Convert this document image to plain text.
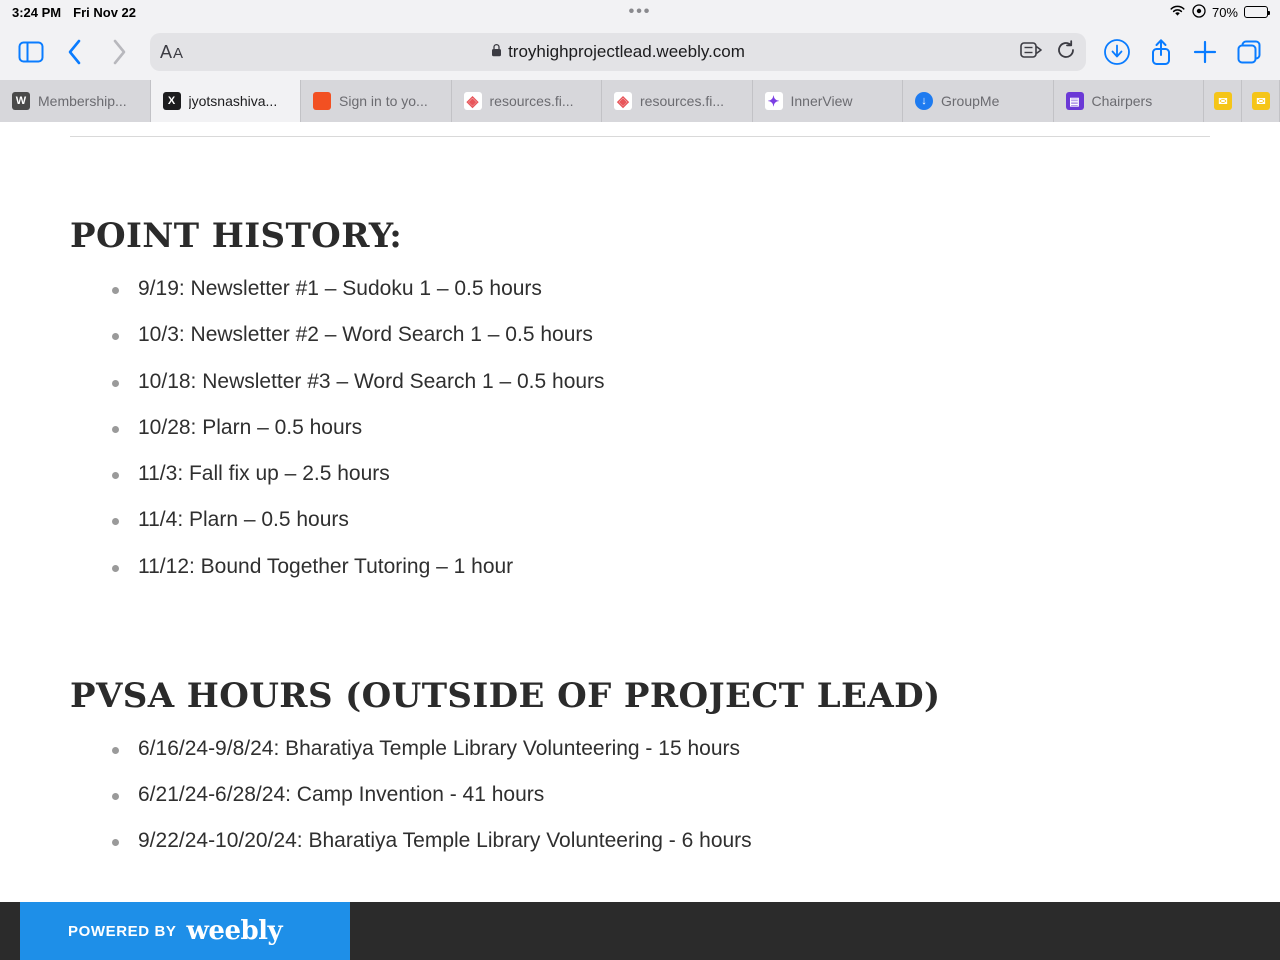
3:24 PM Fri Nov 22	•••	70%
A A	troyhighprojectlead.weebly.com
W Membership...	X jyotsnashiva...	Sign in to yo...	◈ resources.fi...	◈ resources.fi...	✦ InnerView	↓	GroupMe	▤ Chairpers	✉	✉
POINT HISTORY:
9/19: Newsletter #1 – Sudoku 1 – 0.5 hours
10/3: Newsletter #2 – Word Search 1 – 0.5 hours
10/18: Newsletter #3 – Word Search 1 – 0.5 hours
10/28: Plarn – 0.5 hours
11/3: Fall fix up – 2.5 hours
11/4: Plarn – 0.5 hours
11/12: Bound Together Tutoring – 1 hour
PVSA HOURS (OUTSIDE OF PROJECT LEAD)
6/16/24-9/8/24: Bharatiya Temple Library Volunteering - 15 hours
6/21/24-6/28/24: Camp Invention - 41 hours
9/22/24-10/20/24: Bharatiya Temple Library Volunteering - 6 hours
POWERED BY weebly
